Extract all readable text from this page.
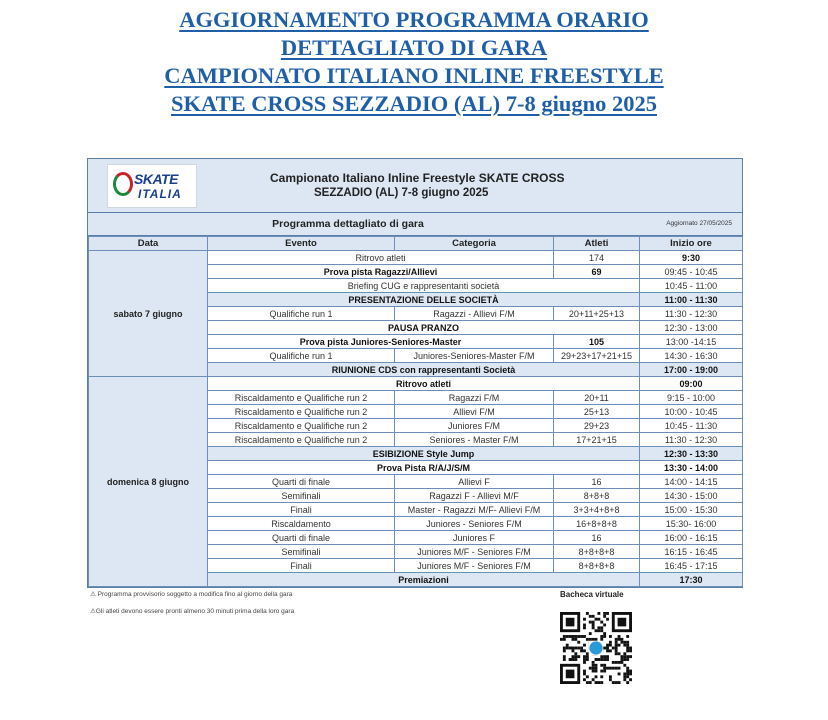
AGGIORNAMENTO PROGRAMMA ORARIO
DETTAGLIATO DI GARA
CAMPIONATO ITALIANO INLINE FREESTYLE
SKATE CROSS SEZZADIO (AL) 7-8 giugno 2025
SKATE
ITALIA
Campionato Italiano Inline Freestyle SKATE CROSS
SEZZADIO (AL) 7-8 giugno 2025
Programma dettagliato di gara	Aggiornato 27/05/2025
Data	Evento	Categoria	Atleti	Inizio ore
sabato 7 giugno	Ritrovo atleti		174	9:30
	Prova pista Ragazzi/Allievi		69	09:45 - 10:45
	Briefing CUG e rappresentanti società			10:45 - 11:00
	PRESENTAZIONE DELLE SOCIETÀ			11:00 - 11:30
	Qualifiche run 1	Ragazzi - Allievi F/M	20+11+25+13	11:30 - 12:30
	PAUSA PRANZO			12:30 - 13:00
	Prova pista Juniores-Seniores-Master		105	13:00 -14:15
	Qualifiche run 1	Juniores-Seniores-Master F/M	29+23+17+21+15	14:30 - 16:30
	RIUNIONE CDS con rappresentanti Società			17:00 - 19:00
domenica 8 giugno	Ritrovo atleti			09:00
	Riscaldamento e Qualifiche run 2	Ragazzi F/M	20+11	9:15 - 10:00
	Riscaldamento e Qualifiche run 2	Allievi F/M	25+13	10:00 - 10:45
	Riscaldamento e Qualifiche run 2	Juniores F/M	29+23	10:45 - 11:30
	Riscaldamento e Qualifiche run 2	Seniores - Master F/M	17+21+15	11:30 - 12:30
	ESIBIZIONE Style Jump			12:30 - 13:30
	Prova Pista R/A/J/S/M			13:30 - 14:00
	Quarti di finale	Allievi F	16	14:00 - 14:15
	Semifinali	Ragazzi F - Allievi M/F	8+8+8	14:30 - 15:00
	Finali	Master - Ragazzi M/F- Allievi F/M	3+3+4+8+8	15:00 - 15:30
	Riscaldamento	Juniores - Seniores F/M	16+8+8+8	15:30- 16:00
	Quarti di finale	Juniores F	16	16:00 - 16:15
	Semifinali	Juniores M/F - Seniores F/M	8+8+8+8	16:15 - 16:45
	Finali	Juniores M/F - Seniores F/M	8+8+8+8	16:45 - 17:15
	Premiazioni			17:30
⚠ Programma provvisorio soggetto a modifica fino al giorno della gara
⚠Gli atleti devono essere pronti almeno 30 minuti prima della loro gara
Bacheca virtuale
